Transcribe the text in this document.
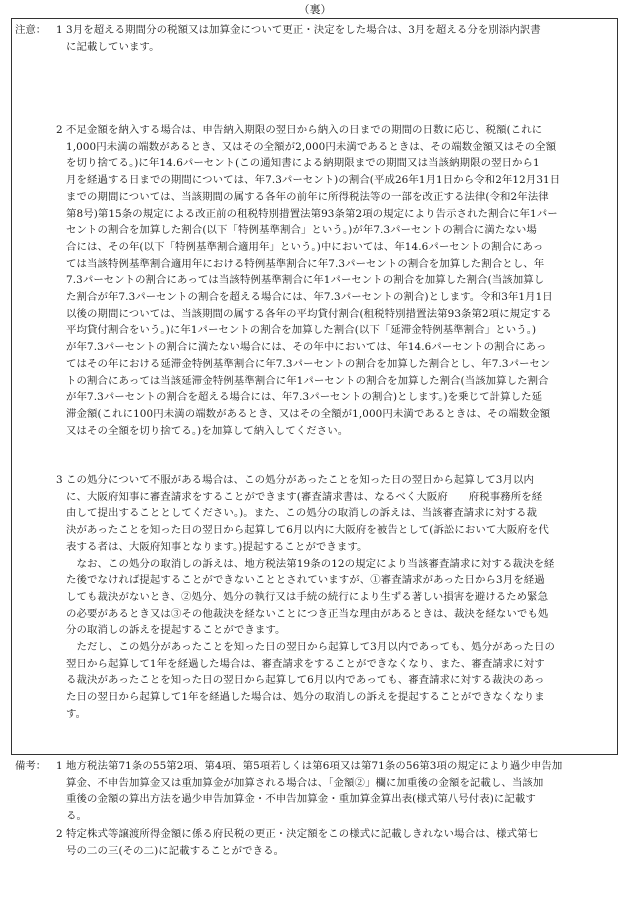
（裏）
注意： 1 3月を超える期間分の税額又は加算金について更正・決定をした場合は、3月を超える分を別添内訳書
に記載しています。
2 不足金額を納入する場合は、申告納入期限の翌日から納入の日までの期間の日数に応じ、税額(これに
1,000円未満の端数があるとき、又はその全額が2,000円未満であるときは、その端数金額又はその全額
を切り捨てる。)に年14.6パーセント(この通知書による納期限までの期間又は当該納期限の翌日から1
月を経過する日までの期間については、年7.3パーセント)の割合(平成26年1月1日から令和2年12月31日
までの期間については、当該期間の属する各年の前年に所得税法等の一部を改正する法律(令和2年法律
第8号)第15条の規定による改正前の租税特別措置法第93条第2項の規定により告示された割合に年1パー
セントの割合を加算した割合(以下「特例基準割合」という。)が年7.3パーセントの割合に満たない場
合には、その年(以下「特例基準割合適用年」という。)中においては、年14.6パーセントの割合にあっ
ては当該特例基準割合適用年における特例基準割合に年7.3パーセントの割合を加算した割合とし、年
7.3パーセントの割合にあっては当該特例基準割合に年1パーセントの割合を加算した割合(当該加算し
た割合が年7.3パーセントの割合を超える場合には、年7.3パーセントの割合)とします。令和3年1月1日
以後の期間については、当該期間の属する各年の平均貸付割合(租税特別措置法第93条第2項に規定する
平均貸付割合をいう。)に年1パーセントの割合を加算した割合(以下「延滞金特例基準割合」という。)
が年7.3パーセントの割合に満たない場合には、その年中においては、年14.6パーセントの割合にあっ
てはその年における延滞金特例基準割合に年7.3パーセントの割合を加算した割合とし、年7.3パーセン
トの割合にあっては当該延滞金特例基準割合に年1パーセントの割合を加算した割合(当該加算した割合
が年7.3パーセントの割合を超える場合には、年7.3パーセントの割合)とします。)を乗じて計算した延
滞金額(これに100円未満の端数があるとき、又はその全額が1,000円未満であるときは、その端数金額
又はその全額を切り捨てる。)を加算して納入してください。
3 この処分について不服がある場合は、この処分があったことを知った日の翌日から起算して3月以内
に、大阪府知事に審査請求をすることができます(審査請求書は、なるべく大阪府　　府税事務所を経
由して提出することとしてください。)。また、この処分の取消しの訴えは、当該審査請求に対する裁
決があったことを知った日の翌日から起算して6月以内に大阪府を被告として(訴訟において大阪府を代
表する者は、大阪府知事となります。)提起することができます。
　なお、この処分の取消しの訴えは、地方税法第19条の12の規定により当該審査請求に対する裁決を経
た後でなければ提起することができないこととされていますが、①審査請求があった日から3月を経過
しても裁決がないとき、②処分、処分の執行又は手続の続行により生ずる著しい損害を避けるため緊急
の必要があるとき又は③その他裁決を経ないことにつき正当な理由があるときは、裁決を経ないでも処
分の取消しの訴えを提起することができます。
　ただし、この処分があったことを知った日の翌日から起算して3月以内であっても、処分があった日の
翌日から起算して1年を経過した場合は、審査請求をすることができなくなり、また、審査請求に対す
る裁決があったことを知った日の翌日から起算して6月以内であっても、審査請求に対する裁決のあっ
た日の翌日から起算して1年を経過した場合は、処分の取消しの訴えを提起することができなくなりま
す。
備考： 1 地方税法第71条の55第2項、第4項、第5項若しくは第6項又は第71条の56第3項の規定により過少申告加
算金、不申告加算金又は重加算金が加算される場合は、「金額②」欄に加重後の金額を記載し、当該加
重後の金額の算出方法を過少申告加算金・不申告加算金・重加算金算出表(様式第八号付表)に記載す
る。
2 特定株式等譲渡所得金額に係る府民税の更正・決定額をこの様式に記載しきれない場合は、様式第七
号の二の三(その二)に記載することができる。
